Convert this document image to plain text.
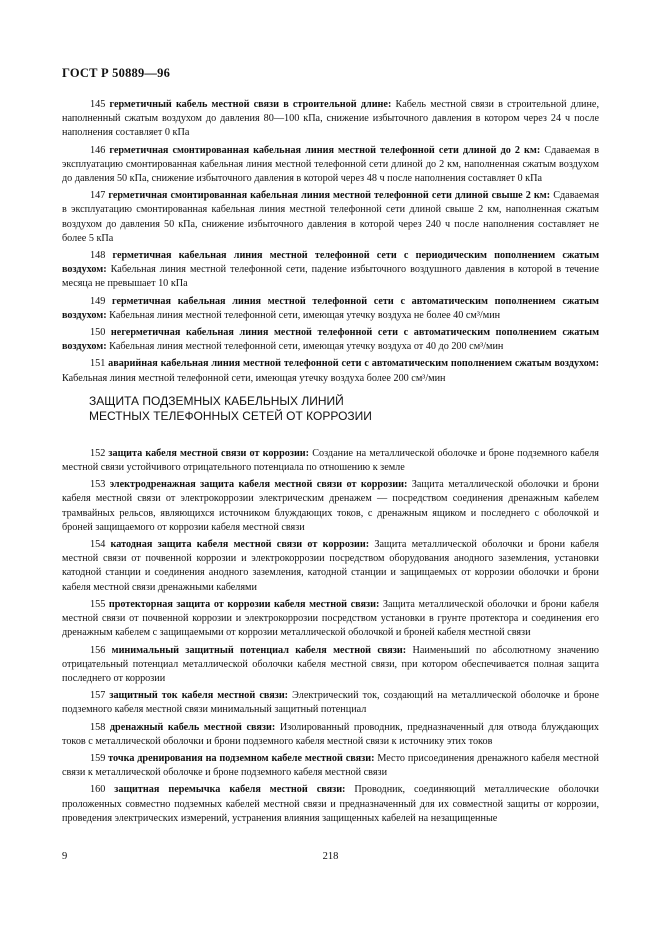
ГОСТ Р 50889—96

145 герметичный кабель местной связи в строительной длине: Кабель местной связи в строительной длине, наполненный сжатым воздухом до давления 80—100 кПа, снижение избыточного давления в котором через 24 ч после наполнения составляет 0 кПа

146 герметичная смонтированная кабельная линия местной телефонной сети длиной до 2 км: Сдаваемая в эксплуатацию смонтированная кабельная линия местной телефонной сети длиной до 2 км, наполненная сжатым воздухом до давления 50 кПа, снижение избыточного давления в которой через 48 ч после наполнения составляет 0 кПа

147 герметичная смонтированная кабельная линия местной телефонной сети длиной свыше 2 км: Сдаваемая в эксплуатацию смонтированная кабельная линия местной телефонной сети длиной свыше 2 км, наполненная сжатым воздухом до давления 50 кПа, снижение избыточного давления в которой через 240 ч после наполнения составляет не более 5 кПа

148 герметичная кабельная линия местной телефонной сети с периодическим пополнением сжатым воздухом: Кабельная линия местной телефонной сети, падение избыточного воздушного давления в которой в течение месяца не превышает 10 кПа

149 герметичная кабельная линия местной телефонной сети с автоматическим пополнением сжатым воздухом: Кабельная линия местной телефонной сети, имеющая утечку воздуха не более 40 см³/мин

150 негерметичная кабельная линия местной телефонной сети с автоматическим пополнением сжатым воздухом: Кабельная линия местной телефонной сети, имеющая утечку воздуха от 40 до 200 см³/мин

151 аварийная кабельная линия местной телефонной сети с автоматическим пополнением сжатым воздухом: Кабельная линия местной телефонной сети, имеющая утечку воздуха более 200 см³/мин

ЗАЩИТА ПОДЗЕМНЫХ КАБЕЛЬНЫХ ЛИНИЙ
МЕСТНЫХ ТЕЛЕФОННЫХ СЕТЕЙ ОТ КОРРОЗИИ

152 защита кабеля местной связи от коррозии: Создание на металлической оболочке и броне подземного кабеля местной связи устойчивого отрицательного потенциала по отношению к земле

153 электродренажная защита кабеля местной связи от коррозии: Защита металлической оболочки и брони кабеля местной связи от электрокоррозии электрическим дренажем — посредством соединения дренажным кабелем трамвайных рельсов, являющихся источником блуждающих токов, с дренажным ящиком и последнего с оболочкой и броней защищаемого от коррозии кабеля местной связи

154 катодная защита кабеля местной связи от коррозии: Защита металлической оболочки и брони кабеля местной связи от почвенной коррозии и электрокоррозии посредством оборудования анодного заземления, установки катодной станции и соединения анодного заземления, катодной станции и защищаемых от коррозии оболочки и брони кабеля местной связи дренажными кабелями

155 протекторная защита от коррозии кабеля местной связи: Защита металлической оболочки и брони кабеля местной связи от почвенной коррозии и электрокоррозии посредством установки в грунте протектора и соединения его дренажным кабелем с защищаемыми от коррозии металлической оболочкой и броней кабеля местной связи

156 минимальный защитный потенциал кабеля местной связи: Наименьший по абсолютному значению отрицательный потенциал металлической оболочки кабеля местной связи, при котором обеспечивается полная защита последнего от коррозии

157 защитный ток кабеля местной связи: Электрический ток, создающий на металлической оболочке и броне подземного кабеля местной связи минимальный защитный потенциал

158 дренажный кабель местной связи: Изолированный проводник, предназначенный для отвода блуждающих токов с металлической оболочки и брони подземного кабеля местной связи к источнику этих токов

159 точка дренирования на подземном кабеле местной связи: Место присоединения дренажного кабеля местной связи к металлической оболочке и броне подземного кабеля местной связи

160 защитная перемычка кабеля местной связи: Проводник, соединяющий металлические оболочки проложенных совместно подземных кабелей местной связи и предназначенный для их совместной защиты от коррозии, проведения электрических измерений, устранения влияния защищенных кабелей на незащищенные

9	218
